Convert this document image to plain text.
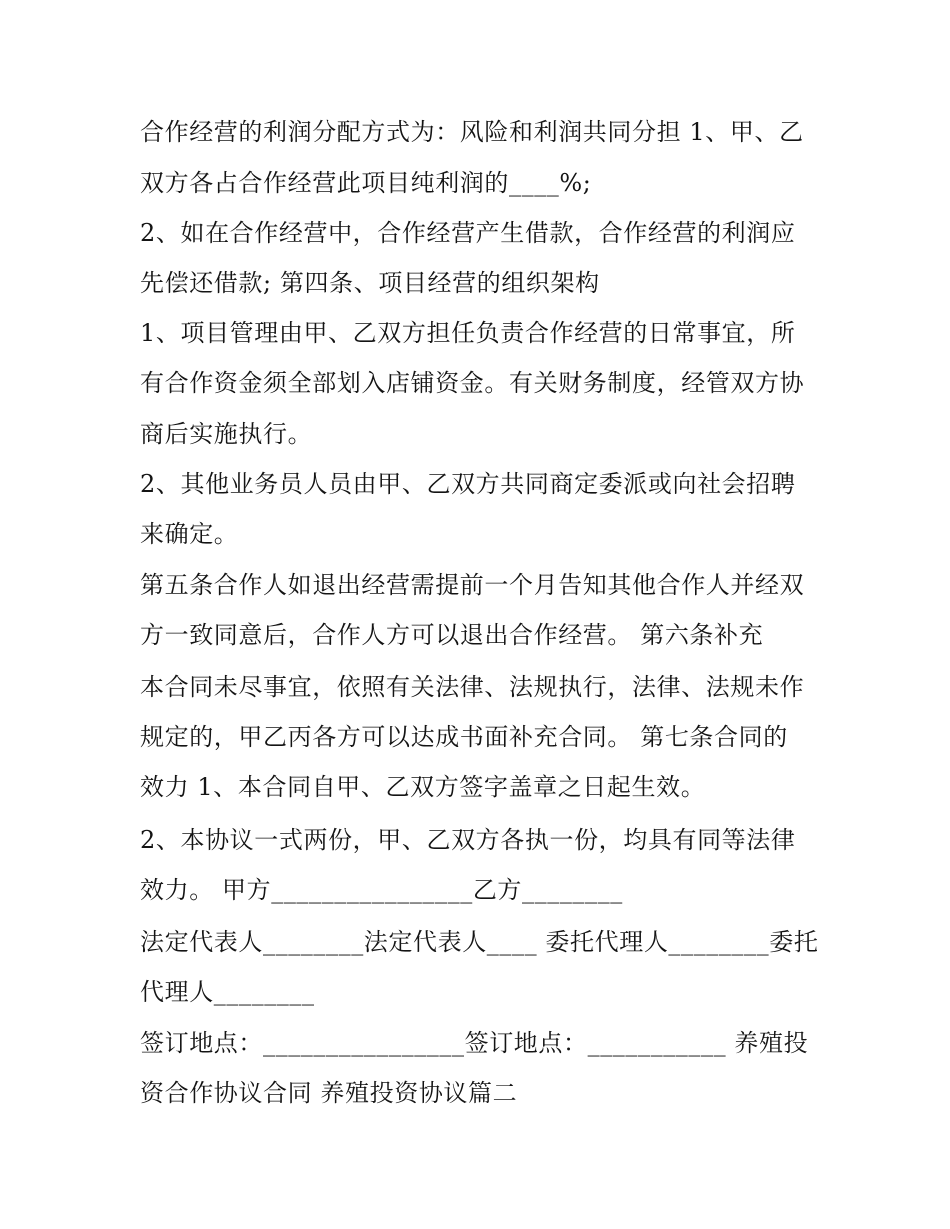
合作经营的利润分配方式为：风险和利润共同分担 1、甲、乙
双方各占合作经营此项目纯利润的____%;
2、如在合作经营中，合作经营产生借款，合作经营的利润应
先偿还借款; 第四条、项目经营的组织架构
1、项目管理由甲、乙双方担任负责合作经营的日常事宜，所
有合作资金须全部划入店铺资金。有关财务制度，经管双方协
商后实施执行。
2、其他业务员人员由甲、乙双方共同商定委派或向社会招聘
来确定。
第五条合作人如退出经营需提前一个月告知其他合作人并经双
方一致同意后，合作人方可以退出合作经营。 第六条补充
本合同未尽事宜，依照有关法律、法规执行，法律、法规未作
规定的，甲乙丙各方可以达成书面补充合同。 第七条合同的
效力 1、本合同自甲、乙双方签字盖章之日起生效。
2、本协议一式两份，甲、乙双方各执一份，均具有同等法律
效力。 甲方________________乙方________
法定代表人________法定代表人____ 委托代理人________委托
代理人________
签订地点：________________签订地点：___________ 养殖投
资合作协议合同 养殖投资协议篇二
